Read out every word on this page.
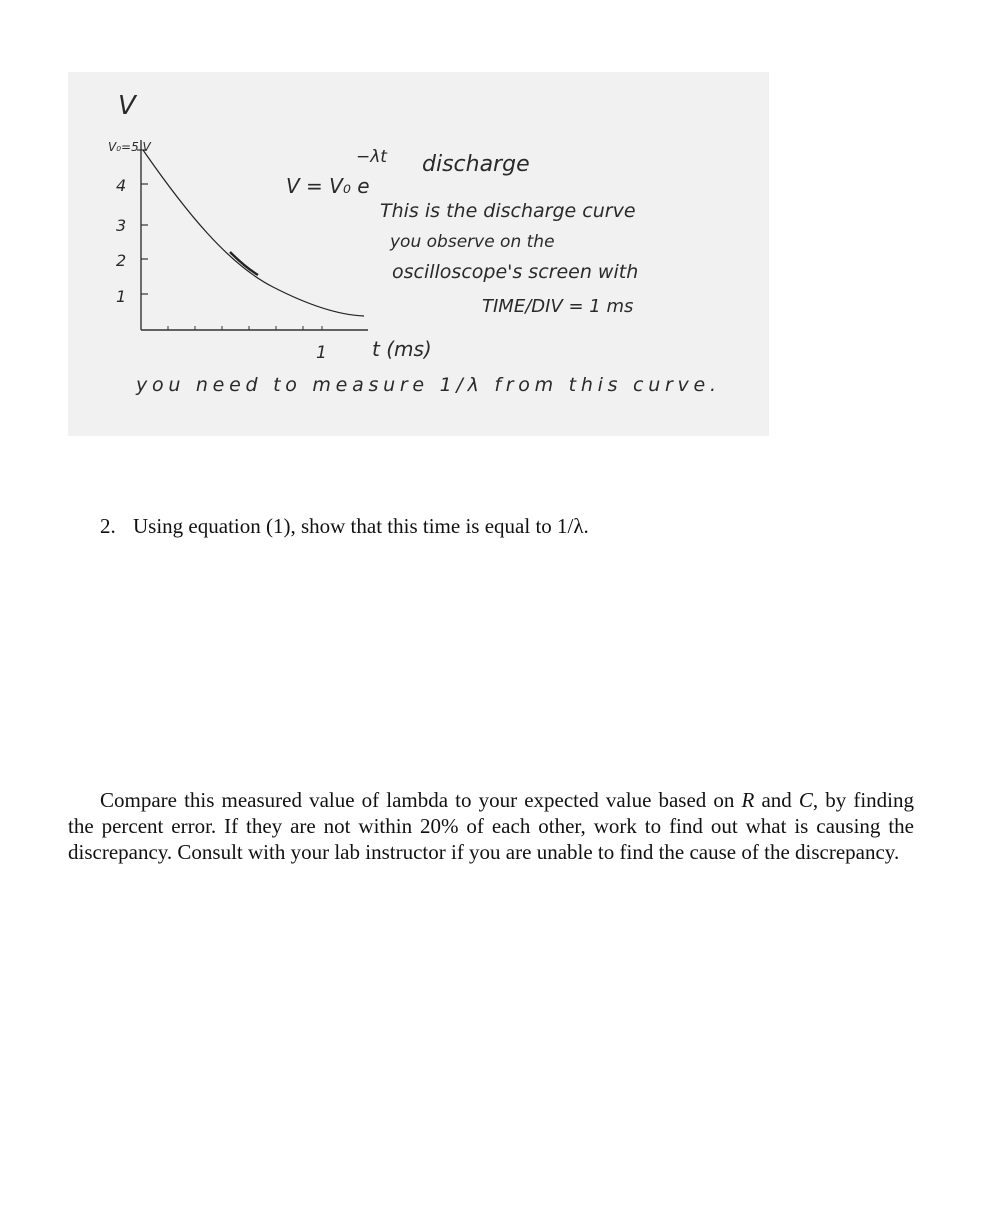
V
V₀=5 V
4
3
2
1
V = V₀ e
−λt discharge
This is the discharge curve
you observe on the
oscilloscope's screen with
TIME/DIV = 1 ms
1 t (ms)
you need to measure 1/λ from this curve.
2. Using equation (1), show that this time is equal to 1/λ.
Compare this measured value of lambda to your expected value based on R and C, by finding the percent error. If they are not within 20% of each other, work to find out what is causing the discrepancy. Consult with your lab instructor if you are unable to find the cause of the discrepancy.
